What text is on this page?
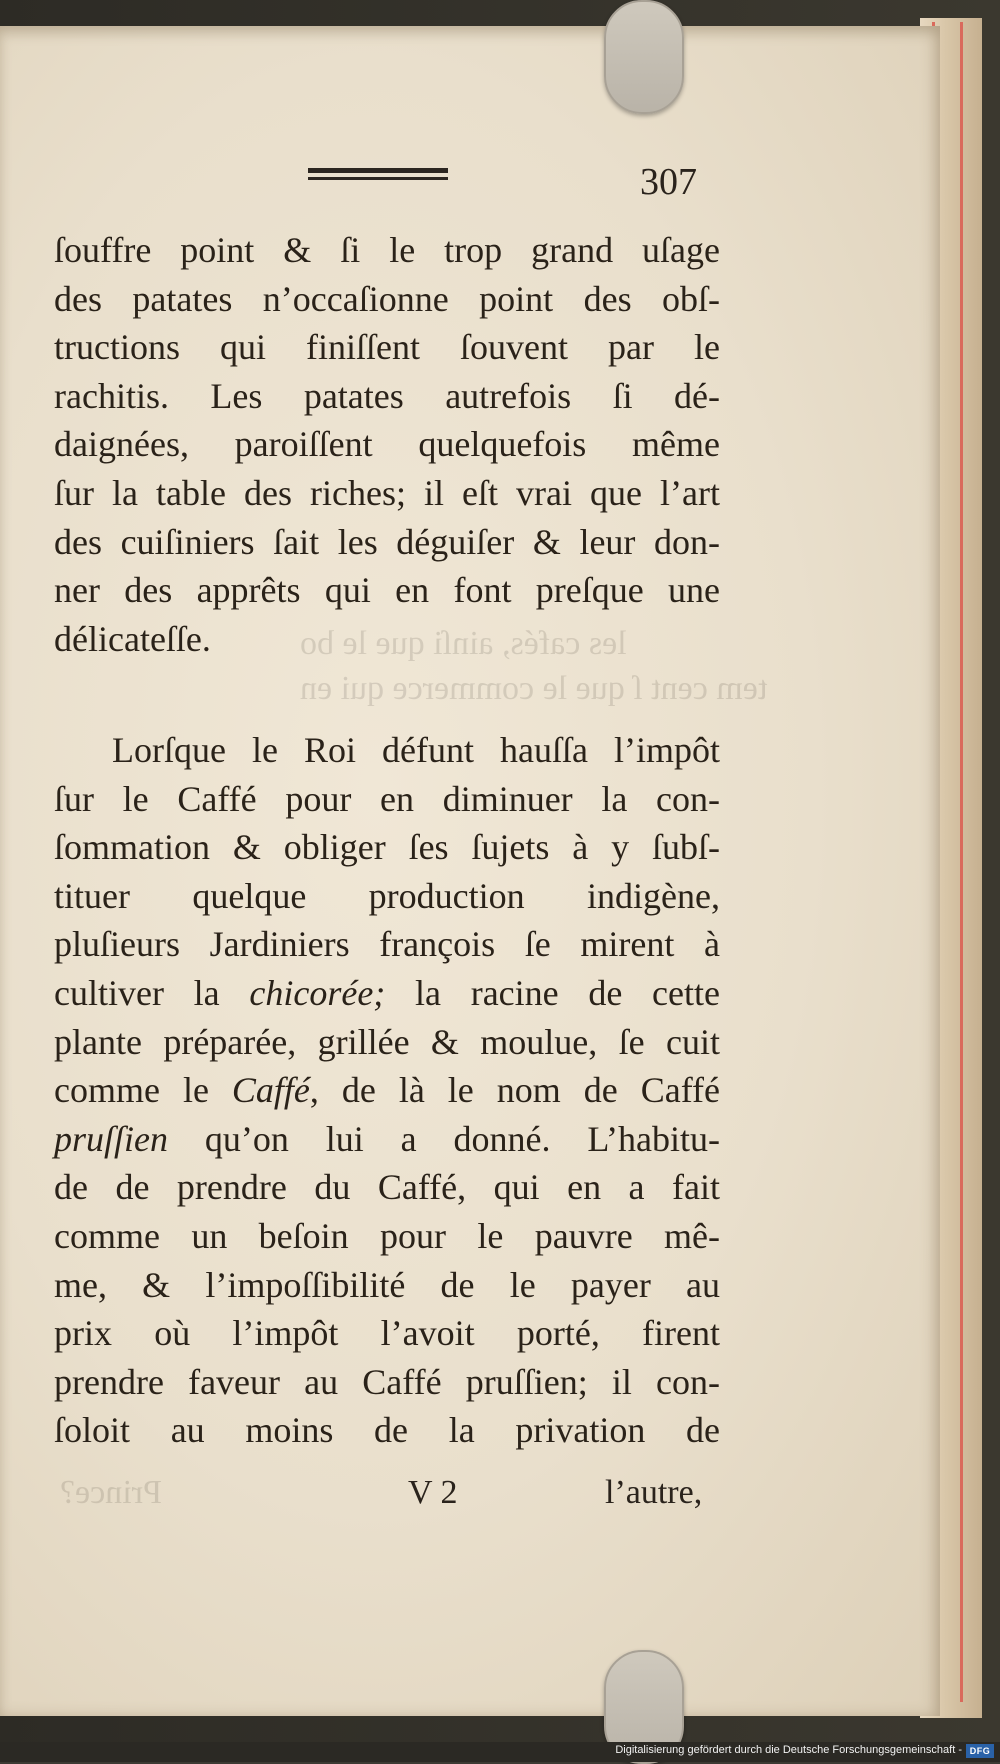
307
les cafés, ainſi que le bo
tem cent ſ que le commerce qui en
Prince?
ſouffre point & ſi le trop grand uſage
des patates n’occaſionne point des obſ-
tructions qui finiſſent ſouvent par le
rachitis. Les patates autrefois ſi dé-
daignées, paroiſſent quelquefois même
ſur la table des riches; il eſt vrai que l’art
des cuiſiniers ſait les déguiſer & leur don-
ner des apprêts qui en font preſque une
délicateſſe.
Lorſque le Roi défunt hauſſa l’impôt
ſur le Caffé pour en diminuer la con-
ſommation & obliger ſes ſujets à y ſubſ-
tituer quelque production indigène,
pluſieurs Jardiniers françois ſe mirent à
cultiver la chicorée; la racine de cette
plante préparée, grillée & moulue, ſe cuit
comme le Caffé, de là le nom de Caffé
pruſſien qu’on lui a donné. L’habitu-
de de prendre du Caffé, qui en a fait
comme un beſoin pour le pauvre mê-
me, & l’impoſſibilité de le payer au
prix où l’impôt l’avoit porté, firent
prendre faveur au Caffé pruſſien; il con-
ſoloit au moins de la privation de
V 2	l’autre,
Digitalisierung gefördert durch die Deutsche Forschungsgemeinschaft - DFG
